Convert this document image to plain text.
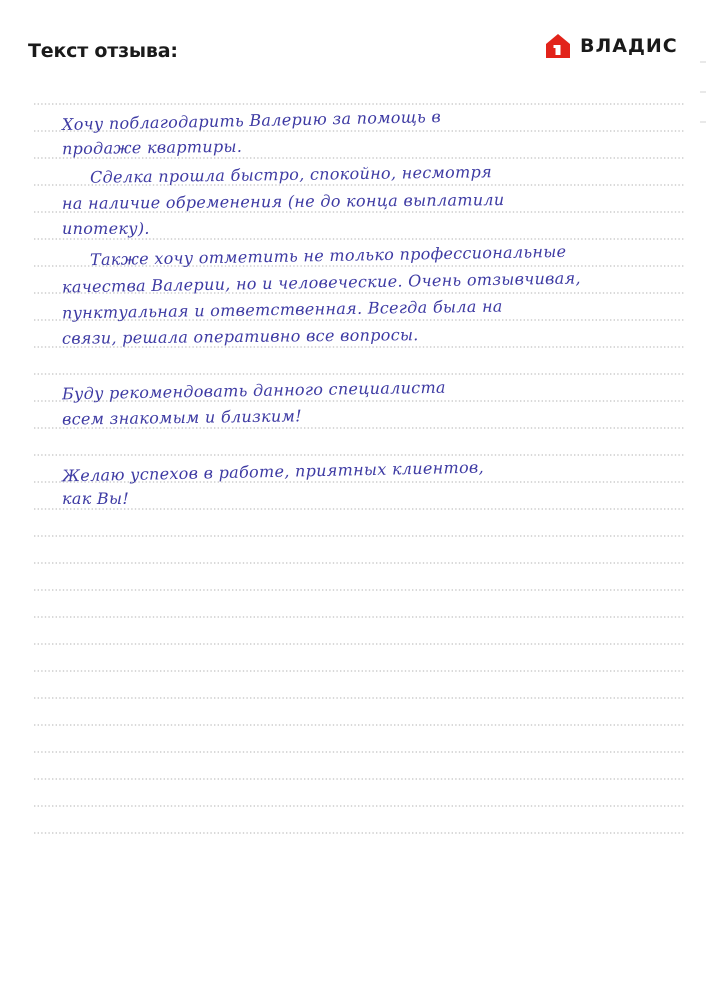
Текст отзыва:	ВЛАДИС
Хочу поблагодарить Валерию за помощь в
продаже квартиры.
Сделка прошла быстро, спокойно, несмотря
на наличие обременения (не до конца выплатили
ипотеку).
Также хочу отметить не только профессиональные
качества Валерии, но и человеческие. Очень отзывчивая,
пунктуальная и ответственная. Всегда была на
связи, решала оперативно все вопросы.
Буду рекомендовать данного специалиста
всем знакомым и близким!
Желаю успехов в работе, приятных клиентов,
как Вы!
